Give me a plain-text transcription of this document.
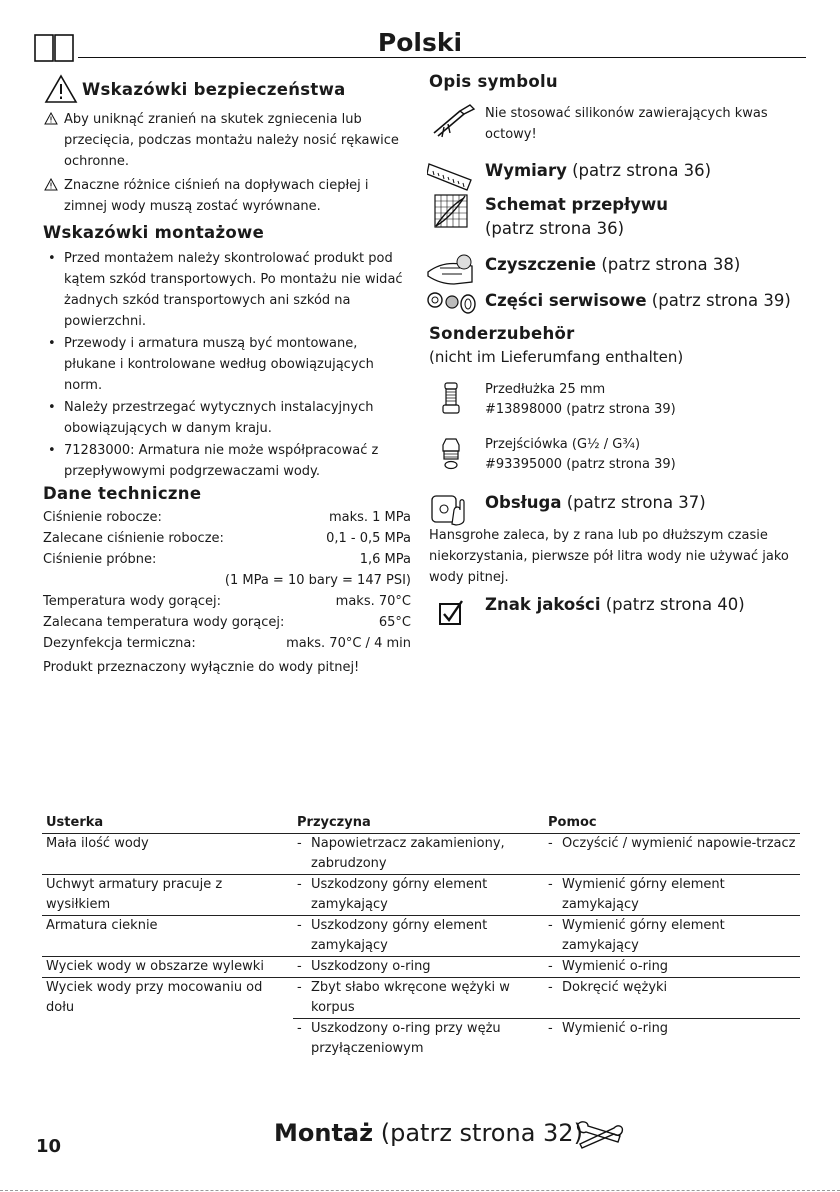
Polski
Wskazówki bezpieczeństwa
Aby uniknąć zranień na skutek zgniecenia lub przecięcia, podczas montażu należy nosić rękawice ochronne.
Znaczne różnice ciśnień na dopływach ciepłej i zimnej wody muszą zostać wyrównane.
Wskazówki montażowe
• Przed montażem należy skontrolować produkt pod kątem szkód transportowych. Po montażu nie widać żadnych szkód transportowych ani szkód na powierzchni.
• Przewody i armatura muszą być montowane, płukane i kontrolowane według obowiązujących norm.
• Należy przestrzegać wytycznych instalacyjnych obowiązujących w danym kraju.
• 71283000: Armatura nie może współpracować z przepływowymi podgrzewaczami wody.
Dane techniczne
Ciśnienie robocze:	maks. 1 MPa
Zalecane ciśnienie robocze:	0,1 - 0,5 MPa
Ciśnienie próbne:	1,6 MPa
(1 MPa = 10 bary = 147 PSI)
Temperatura wody gorącej:	maks. 70°C
Zalecana temperatura wody gorącej:	65°C
Dezynfekcja termiczna:	maks. 70°C / 4 min
Produkt przeznaczony wyłącznie do wody pitnej!
Opis symbolu
Nie stosować silikonów zawierających kwas octowy!
Wymiary (patrz strona 36)
Schemat przepływu
(patrz strona 36)
Czyszczenie (patrz strona 38)
Części serwisowe (patrz strona 39)
Sonderzubehör
(nicht im Lieferumfang enthalten)
Przedłużka 25 mm
#13898000 (patrz strona 39)
Przejściówka (G½ / G¾)
#93395000 (patrz strona 39)
Obsługa (patrz strona 37)
Hansgrohe zaleca, by z rana lub po dłuższym czasie niekorzystania, pierwsze pół litra wody nie używać jako wody pitnej.
Znak jakości (patrz strona 40)
Usterka	Przyczyna	Pomoc
Mała ilość wody	- Napowietrzacz zakamieniony, zabrudzony	- Oczyścić / wymienić napowie-trzacz

Uchwyt armatury pracuje z wysiłkiem	- Uszkodzony górny element zamykający	- Wymienić górny element zamykający

Armatura cieknie	- Uszkodzony górny element zamykający	- Wymienić górny element zamykający

Wyciek wody w obszarze wylewki	- Uszkodzony o-ring	- Wymienić o-ring

Wyciek wody przy mocowaniu od dołu	- Zbyt słabo wkręcone wężyki w korpus	- Dokręcić wężyki

	- Uszkodzony o-ring przy wężu przyłączeniowym	- Wymienić o-ring
10	Montaż (patrz strona 32)
